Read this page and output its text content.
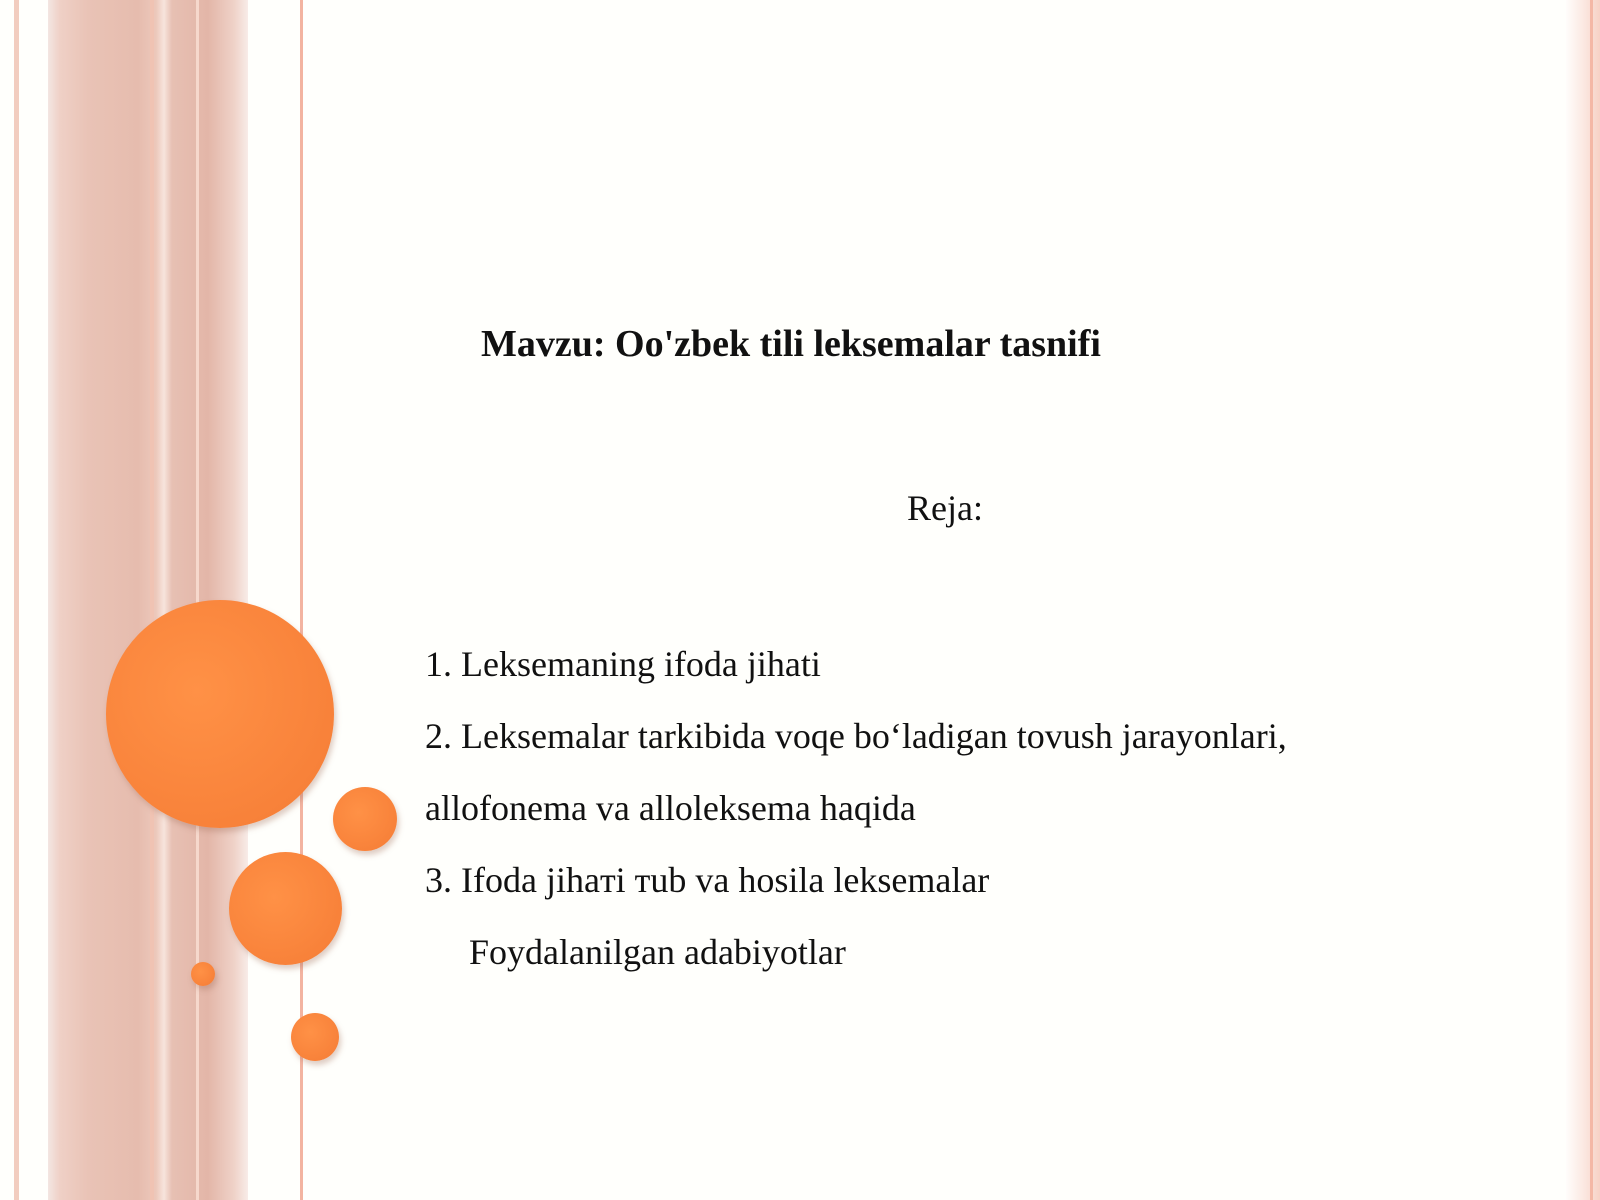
Mavzu: Oo'zbek tili leksemalar tasnifi
Reja:
1. Leksemaning ifoda jihati
2. Leksemalar tarkibida voqe bo‘ladigan tovush jarayonlari,
allofonema va alloleksema haqida
3. Ifoda jihaтi тub va hosila leksemalar
Foydalanilgan adabiyotlar
